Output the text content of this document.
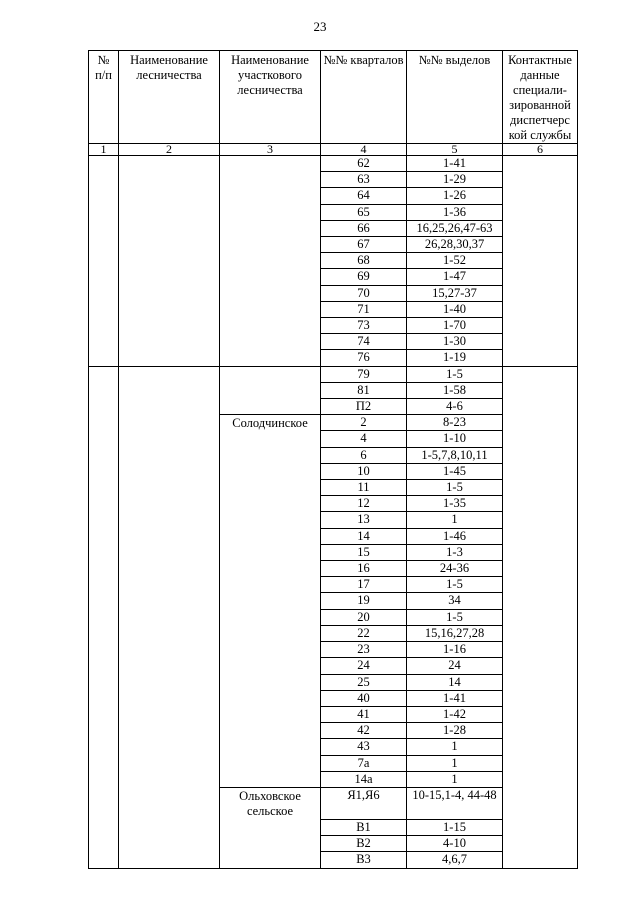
23
№ п/п	Наименование лесничества	Наименование участкового лесничества	№№ кварталов	№№ выделов	Контактные данные специали-зированной диспетчерс кой службы
1	2	3	4	5	6
			62	1-41	
			63	1-29	
			64	1-26	
			65	1-36	
			66	16,25,26,47-63	
			67	26,28,30,37	
			68	1-52	
			69	1-47	
			70	15,27-37	
			71	1-40	
			73	1-70	
			74	1-30	
			76	1-19	
			79	1-5	
			81	1-58	
			П2	4-6	
		Солодчинское	2	8-23	
			4	1-10	
			6	1-5,7,8,10,11	
			10	1-45	
			11	1-5	
			12	1-35	
			13	1	
			14	1-46	
			15	1-3	
			16	24-36	
			17	1-5	
			19	34	
			20	1-5	
			22	15,16,27,28	
			23	1-16	
			24	24	
			25	14	
			40	1-41	
			41	1-42	
			42	1-28	
			43	1	
			7а	1	
			14а	1	
		Ольховское сельское	Я1,Я6	10-15,1-4, 44-48	
			В1	1-15	
			В2	4-10	
			В3	4,6,7	
